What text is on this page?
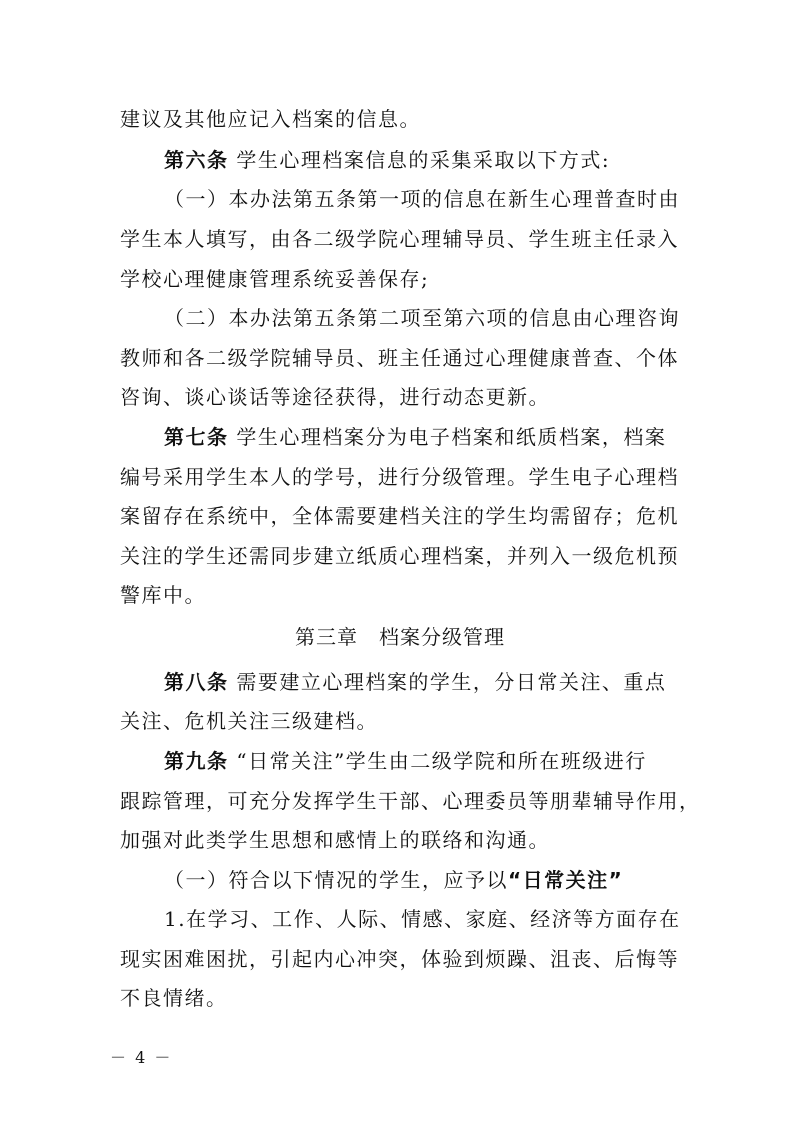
建议及其他应记入档案的信息。
第六条 学生心理档案信息的采集采取以下方式:
（一）本办法第五条第一项的信息在新生心理普查时由
学生本人填写，由各二级学院心理辅导员、学生班主任录入
学校心理健康管理系统妥善保存;
（二）本办法第五条第二项至第六项的信息由心理咨询
教师和各二级学院辅导员、班主任通过心理健康普查、个体
咨询、谈心谈话等途径获得，进行动态更新。
第七条 学生心理档案分为电子档案和纸质档案，档案
编号采用学生本人的学号，进行分级管理。学生电子心理档
案留存在系统中，全体需要建档关注的学生均需留存；危机
关注的学生还需同步建立纸质心理档案，并列入一级危机预
警库中。
第三章　档案分级管理
第八条 需要建立心理档案的学生，分日常关注、重点
关注、危机关注三级建档。
第九条 “日常关注”学生由二级学院和所在班级进行
跟踪管理，可充分发挥学生干部、心理委员等朋辈辅导作用，
加强对此类学生思想和感情上的联络和沟通。
（一）符合以下情况的学生，应予以“日常关注”
1.在学习、工作、人际、情感、家庭、经济等方面存在
现实困难困扰，引起内心冲突，体验到烦躁、沮丧、后悔等
不良情绪。
－ 4 －
